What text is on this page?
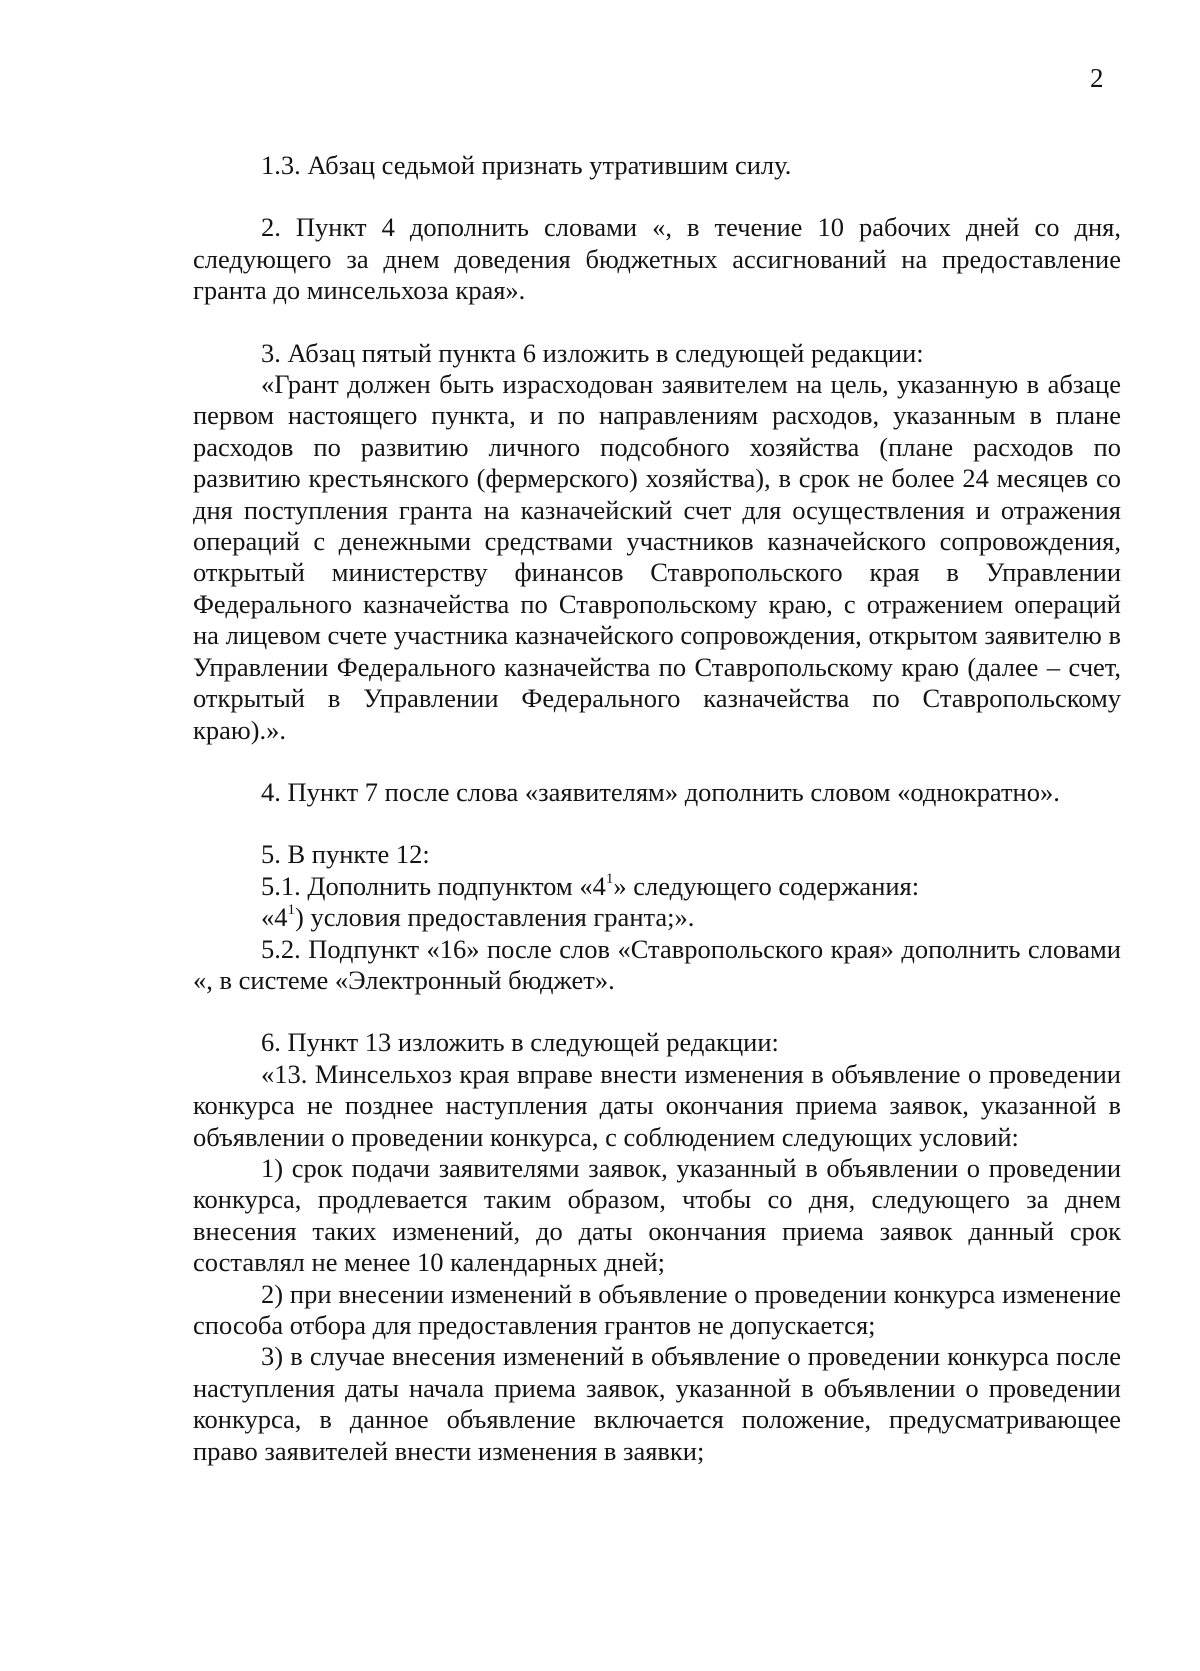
2

1.3. Абзац седьмой признать утратившим силу.

2. Пункт 4 дополнить словами «, в течение 10 рабочих дней со дня, следующего за днем доведения бюджетных ассигнований на предоставление гранта до минсельхоза края».

3. Абзац пятый пункта 6 изложить в следующей редакции:

«Грант должен быть израсходован заявителем на цель, указанную в абзаце первом настоящего пункта, и по направлениям расходов, указанным в плане расходов по развитию личного подсобного хозяйства (плане расходов по развитию крестьянского (фермерского) хозяйства), в срок не более 24 месяцев со дня поступления гранта на казначейский счет для осуществления и отражения операций с денежными средствами участников казначейского сопровождения, открытый министерству финансов Ставропольского края в Управлении Федерального казначейства по Ставропольскому краю, с отражением операций на лицевом счете участника казначейского сопровождения, открытом заявителю в Управлении Федерального казначейства по Ставропольскому краю (далее – счет, открытый в Управлении Федерального казначейства по Ставропольскому краю).».

4. Пункт 7 после слова «заявителям» дополнить словом «однократно».

5. В пункте 12:

5.1. Дополнить подпунктом «$4^1$» следующего содержания:

«$4^1$) условия предоставления гранта;».

5.2. Подпункт «16» после слов «Ставропольского края» дополнить словами «, в системе «Электронный бюджет».

6. Пункт 13 изложить в следующей редакции:

«13. Минсельхоз края вправе внести изменения в объявление о проведении конкурса не позднее наступления даты окончания приема заявок, указанной в объявлении о проведении конкурса, с соблюдением следующих условий:

1) срок подачи заявителями заявок, указанный в объявлении о проведении конкурса, продлевается таким образом, чтобы со дня, следующего за днем внесения таких изменений, до даты окончания приема заявок данный срок составлял не менее 10 календарных дней;

2) при внесении изменений в объявление о проведении конкурса изменение способа отбора для предоставления грантов не допускается;

3) в случае внесения изменений в объявление о проведении конкурса после наступления даты начала приема заявок, указанной в объявлении о проведении конкурса, в данное объявление включается положение, предусматривающее право заявителей внести изменения в заявки;
